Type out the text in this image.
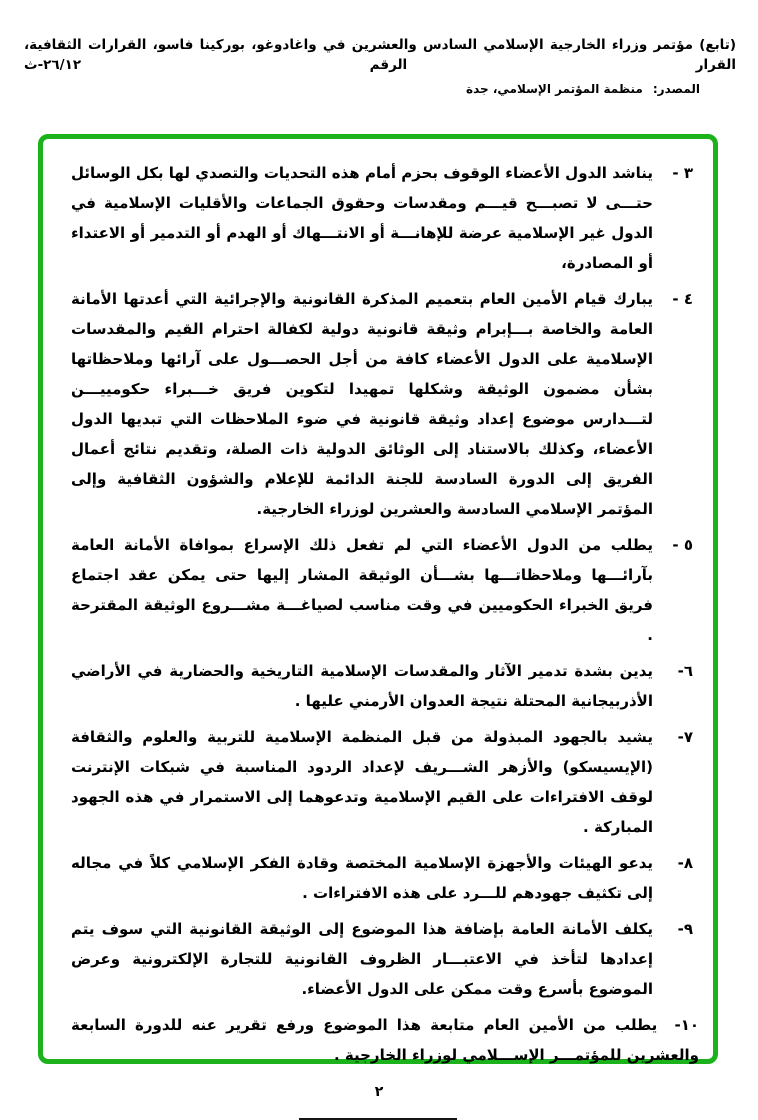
(تابع) مؤتمر وزراء الخارجية الإسلامي السادس والعشرين في واغادوغو، بوركينا فاسو، القرارات الثقافية، القرار الرقم ٢٦/١٢-ث
المصدر:منظمة المؤتمر الإسلامي، جدة
٣ -
يناشد الدول الأعضاء الوقوف بحزم أمام هذه التحديات والتصدي لها بكل الوسائل حتـــى لا تصبـــح قيـــم ومقدسات وحقوق الجماعات والأقليات الإسلامية في الدول غير الإسلامية عرضة للإهانـــة أو الانتـــهاك أو الهدم أو التدمير أو الاعتداء أو المصادرة،
٤ -
يبارك قيام الأمين العام بتعميم المذكرة القانونية والإجرائية التي أعدتها الأمانة العامة والخاصة بـــإبرام وثيقة قانونية دولية لكفالة احترام القيم والمقدسات الإسلامية على الدول الأعضاء كافة من أجل الحصـــول على آرائها وملاحظاتها بشأن مضمون الوثيقة وشكلها تمهيدا لتكوين فريق خـــبراء حكومييـــن لتـــدارس موضوع إعداد وثيقة قانونية في ضوء الملاحظات التي تبديها الدول الأعضاء، وكذلك بالاستناد إلى الوثائق الدولية ذات الصلة، وتقديم نتائج أعمال الفريق إلى الدورة السادسة للجنة الدائمة للإعلام والشؤون الثقافية وإلى المؤتمر الإسلامي السادسة والعشرين لوزراء الخارجية.
٥ -
يطلب من الدول الأعضاء التي لم تفعل ذلك الإسراع بموافاة الأمانة العامة بآرائـــها وملاحظاتـــها بشـــأن الوثيقة المشار إليها حتى يمكن عقد اجتماع فريق الخبراء الحكوميين في وقت مناسب لصياغـــة مشـــروع الوثيقة المقترحة .
٦-
يدين بشدة تدمير الآثار والمقدسات الإسلامية التاريخية والحضارية في الأراضي الأذربيجانية المحتلة نتيجة العدوان الأرمني عليها .
٧-
يشيد بالجهود المبذولة من قبل المنظمة الإسلامية للتربية والعلوم والثقافة (الإيسيسكو) والأزهر الشـــريف لإعداد الردود المناسبة في شبكات الإنترنت لوقف الافتراءات على القيم الإسلامية وتدعوهما إلى الاستمرار في هذه الجهود المباركة .
٨-
يدعو الهيئات والأجهزة الإسلامية المختصة وقادة الفكر الإسلامي كلاً في مجاله إلى تكثيف جهودهم للـــرد على هذه الافتراءات .
٩-
يكلف الأمانة العامة بإضافة هذا الموضوع إلى الوثيقة القانونية التي سوف يتم إعدادها لتأخذ في الاعتبـــار الظروف القانونية للتجارة الإلكترونية وعرض الموضوع بأسرع وقت ممكن على الدول الأعضاء.
١٠- يطلب من الأمين العام متابعة هذا الموضوع ورفع تقرير عنه للدورة السابعة والعشرين للمؤتمـــر الإســـلامي لوزراء الخارجية .
٢
